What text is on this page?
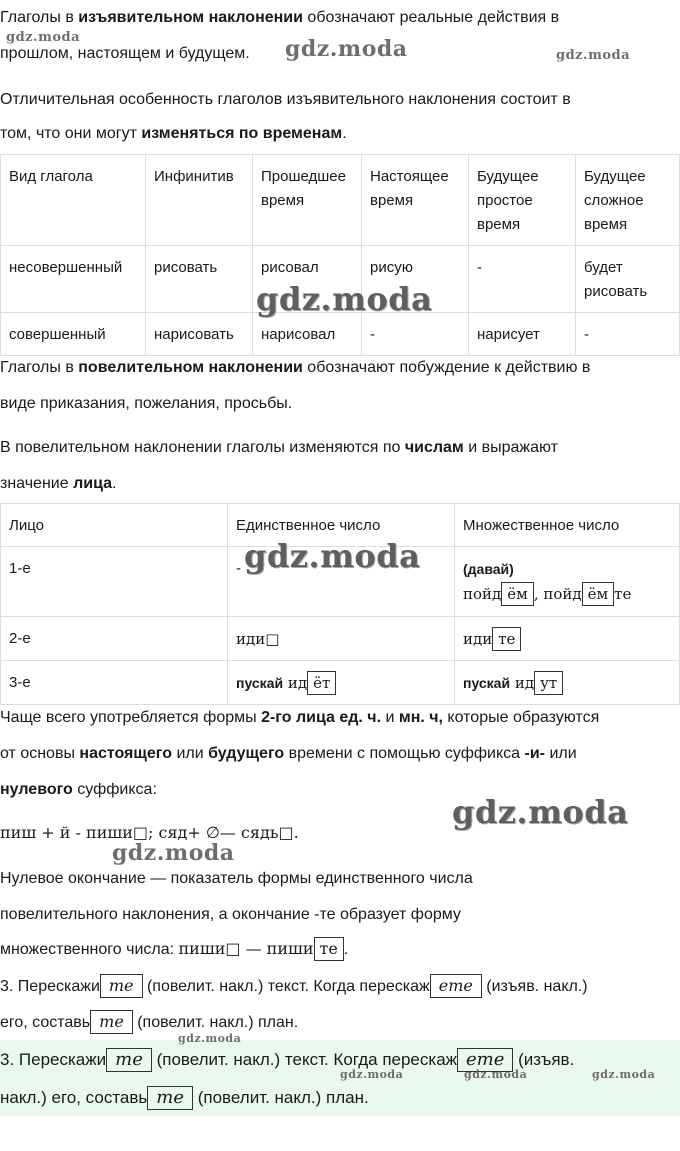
Глаголы в изъявительном наклонении обозначают реальные действия в

прошлом, настоящем и будущем.

Отличительная особенность глаголов изъявительного наклонения состоит в

том, что они могут изменяться по временам.

Вид глагола	Инфинитив	Прошедшее время	Настоящее время	Будущее простое время	Будущее сложное время
несовершенный	рисовать	рисовал	рисую	-	будет рисовать
совершенный	нарисовать	нарисовал	-	нарисует	-

Глаголы в повелительном наклонении обозначают побуждение к действию в

виде приказания, пожелания, просьбы.

В повелительном наклонении глаголы изменяются по числам и выражают

значение лица.

Лицо	Единственное число	Множественное число
1-е	-	(давай)
пойд ём , пойд ём те
2-е	иди□	иди те
3-е	пускай ид ёт	пускай ид ут

Чаще всего употребляется формы 2-го лица ед. ч. и мн. ч, которые образуются

от основы настоящего или будущего времени с помощью суффикса -и- или

нулевого суффикса:

пиш + й - пиши□; сяд+ ∅— сядь□.

Нулевое окончание — показатель формы единственного числа

повелительного наклонения, а окончание -те образует форму

множественного числа: пиши□ — пиши те .

3. Перескажи те (повелит. накл.) текст. Когда перескаж ете (изъяв. накл.)

его, составь те (повелит. накл.) план.

3. Перескажи те (повелит. накл.) текст. Когда перескаж ете (изъяв.

накл.) его, составь те (повелит. накл.) план.

gdz.moda	gdz.moda	gdz.moda
gdz.moda
gdz.moda
gdz.moda
gdz.moda
gdz.moda
gdz.moda	gdz.moda	gdz.moda
